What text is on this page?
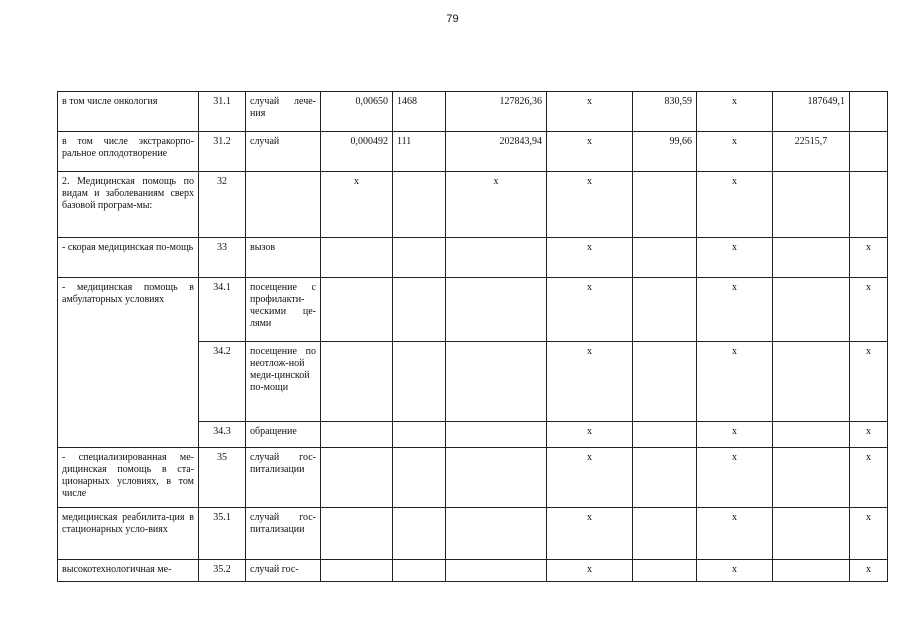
79
в том числе онкология	31.1	случай лече-ния	0,00650	1468	127826,36	х	830,59	х	187649,1	
в том числе экстракорпо-ральное оплодотворение	31.2	случай	0,000492	111	202843,94	х	99,66	х	22515,7	
2. Медицинская помощь по видам и заболеваниям сверх базовой програм-мы:	32		х		х	х		х		
- скорая медицинская по-мощь	33	вызов				х		х		х
- медицинская помощь в амбулаторных условиях	34.1	посещение с профилакти-ческими це-лями				х		х		х
	34.2	посещение по неотлож-ной меди-цинской по-мощи				х		х		х
	34.3	обращение				х		х		х
- специализированная ме-дицинская помощь в ста-ционарных условиях, в том числе	35	случай гос-питализации				х		х		х
медицинская реабилита-ция в стационарных усло-виях	35.1	случай гос-питализации				х		х		х
высокотехнологичная ме-	35.2	случай гос-				х		х		х
